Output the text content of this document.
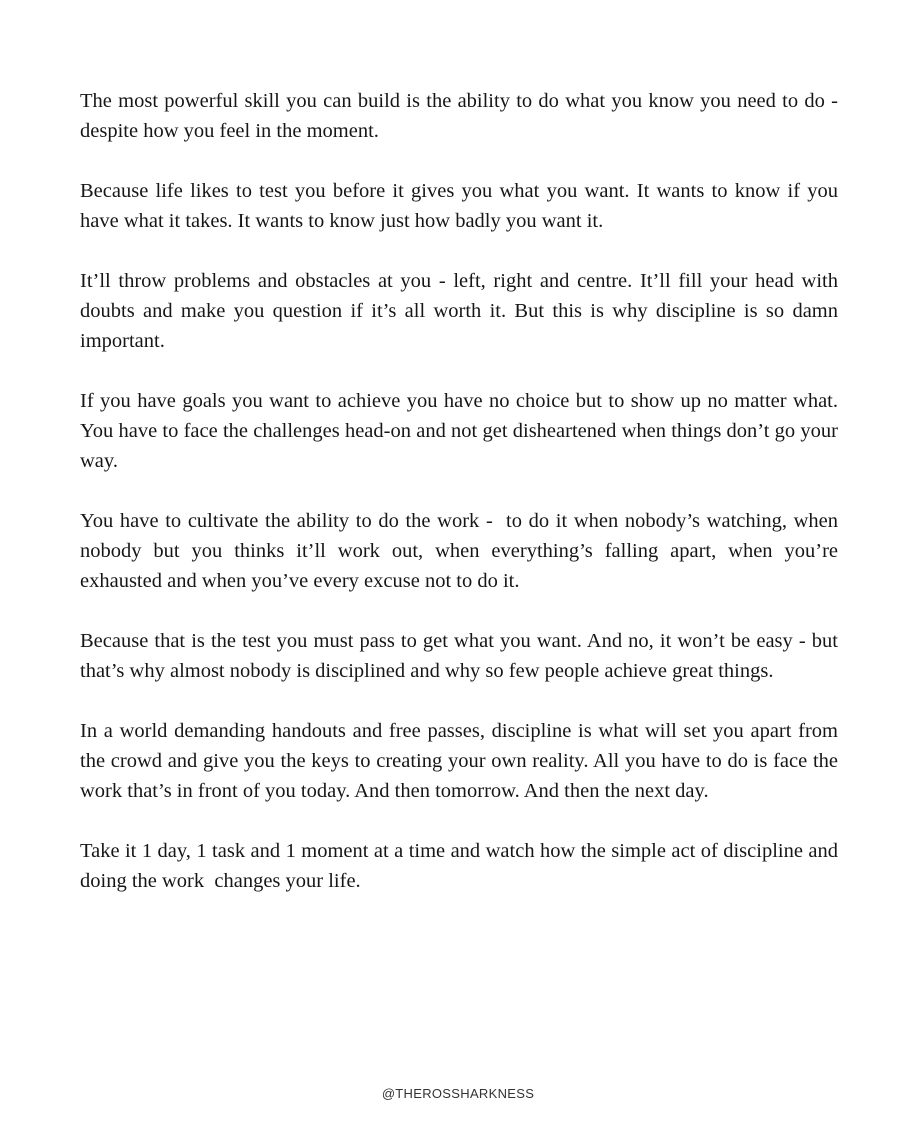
The most powerful skill you can build is the ability to do what you know you need to do - despite how you feel in the moment.

Because life likes to test you before it gives you what you want. It wants to know if you have what it takes. It wants to know just how badly you want it.

It’ll throw problems and obstacles at you - left, right and centre. It’ll fill your head with doubts and make you question if it’s all worth it. But this is why discipline is so damn important.

If you have goals you want to achieve you have no choice but to show up no matter what. You have to face the challenges head-on and not get disheartened when things don’t go your way.

You have to cultivate the ability to do the work -  to do it when nobody’s watching, when nobody but you thinks it’ll work out, when everything’s falling apart, when you’re exhausted and when you’ve every excuse not to do it.

Because that is the test you must pass to get what you want. And no, it won’t be easy - but that’s why almost nobody is disciplined and why so few people achieve great things.

In a world demanding handouts and free passes, discipline is what will set you apart from the crowd and give you the keys to creating your own reality. All you have to do is face the work that’s in front of you today. And then tomorrow. And then the next day.

Take it 1 day, 1 task and 1 moment at a time and watch how the simple act of discipline and doing the work  changes your life.

@THEROSSHARKNESS
